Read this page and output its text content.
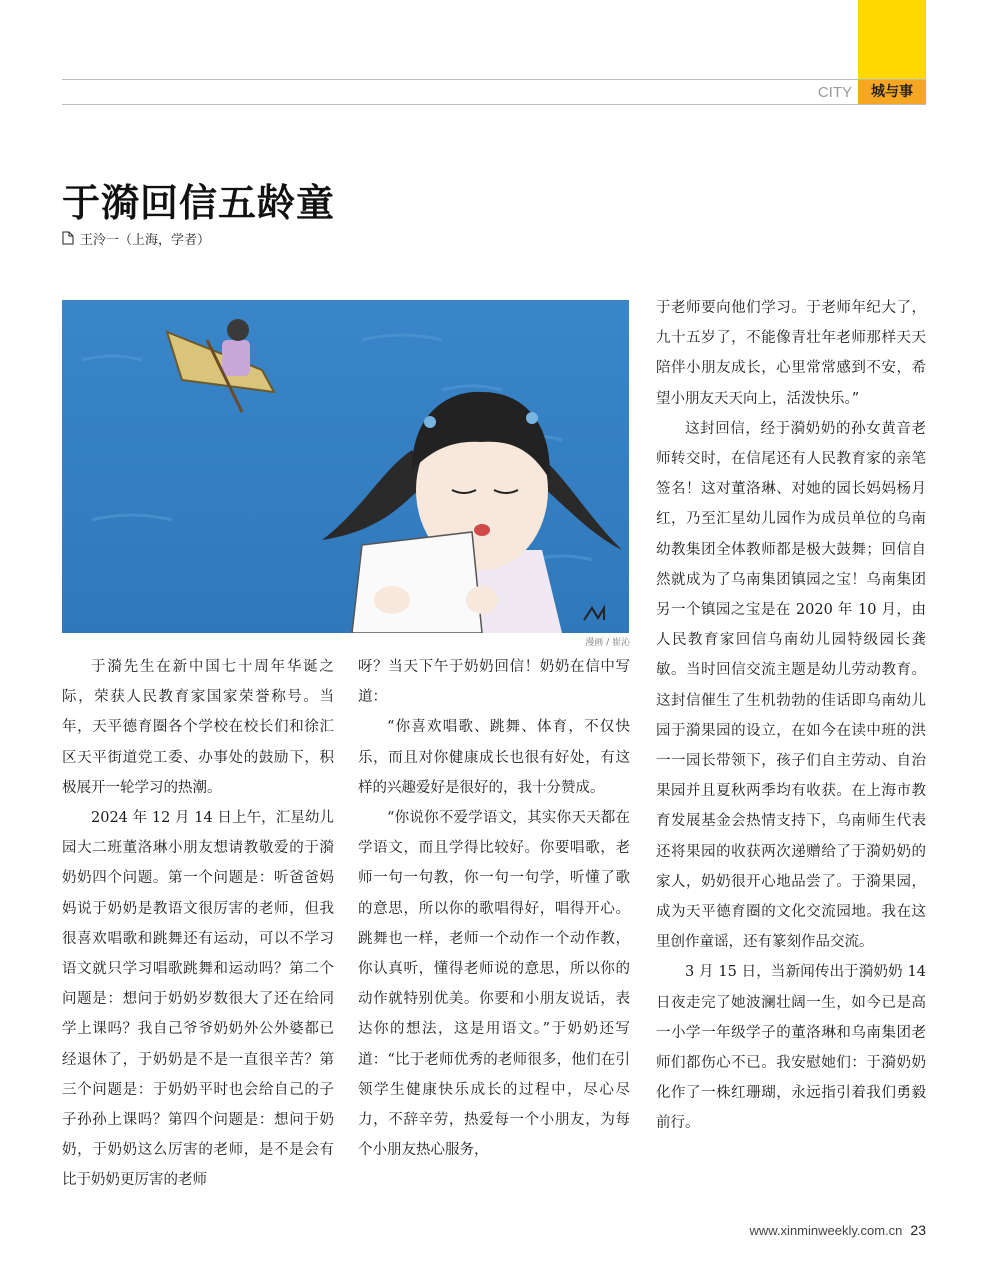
CITY	城与事
于漪回信五龄童
王泠一（上海，学者）
漫画 / 崔沁

于漪先生在新中国七十周年华诞之际，荣获人民教育家国家荣誉称号。当年，天平德育圈各个学校在校长们和徐汇区天平街道党工委、办事处的鼓励下，积极展开一轮学习的热潮。

2024 年 12 月 14 日上午，汇星幼儿园大二班董洛琳小朋友想请教敬爱的于漪奶奶四个问题。第一个问题是：听爸爸妈妈说于奶奶是教语文很厉害的老师，但我很喜欢唱歌和跳舞还有运动，可以不学习语文就只学习唱歌跳舞和运动吗？第二个问题是：想问于奶奶岁数很大了还在给同学上课吗？我自己爷爷奶奶外公外婆都已经退休了，于奶奶是不是一直很辛苦？第三个问题是：于奶奶平时也会给自己的子子孙孙上课吗？第四个问题是：想问于奶奶，于奶奶这么厉害的老师，是不是会有比于奶奶更厉害的老师

呀？当天下午于奶奶回信！奶奶在信中写道：

“你喜欢唱歌、跳舞、体育，不仅快乐，而且对你健康成长也很有好处，有这样的兴趣爱好是很好的，我十分赞成。

“你说你不爱学语文，其实你天天都在学语文，而且学得比较好。你要唱歌，老师一句一句教，你一句一句学，听懂了歌的意思，所以你的歌唱得好，唱得开心。跳舞也一样，老师一个动作一个动作教，你认真听，懂得老师说的意思，所以你的动作就特别优美。你要和小朋友说话，表达你的想法，这是用语文。”于奶奶还写道：“比于老师优秀的老师很多，他们在引领学生健康快乐成长的过程中，尽心尽力，不辞辛劳，热爱每一个小朋友，为每个小朋友热心服务，

于老师要向他们学习。于老师年纪大了，九十五岁了，不能像青壮年老师那样天天陪伴小朋友成长，心里常常感到不安，希望小朋友天天向上，活泼快乐。”

这封回信，经于漪奶奶的孙女黄音老师转交时，在信尾还有人民教育家的亲笔签名！这对董洛琳、对她的园长妈妈杨月红，乃至汇星幼儿园作为成员单位的乌南幼教集团全体教师都是极大鼓舞；回信自然就成为了乌南集团镇园之宝！乌南集团另一个镇园之宝是在 2020 年 10 月，由人民教育家回信乌南幼儿园特级园长龚敏。当时回信交流主题是幼儿劳动教育。这封信催生了生机勃勃的佳话即乌南幼儿园于漪果园的设立，在如今在读中班的洪一一园长带领下，孩子们自主劳动、自治果园并且夏秋两季均有收获。在上海市教育发展基金会热情支持下，乌南师生代表还将果园的收获两次递赠给了于漪奶奶的家人，奶奶很开心地品尝了。于漪果园，成为天平德育圈的文化交流园地。我在这里创作童谣，还有篆刻作品交流。

3 月 15 日，当新闻传出于漪奶奶 14 日夜走完了她波澜壮阔一生，如今已是高一小学一年级学子的董洛琳和乌南集团老师们都伤心不已。我安慰她们：于漪奶奶化作了一株红珊瑚，永远指引着我们勇毅前行。

www.xinminweekly.com.cn 23
